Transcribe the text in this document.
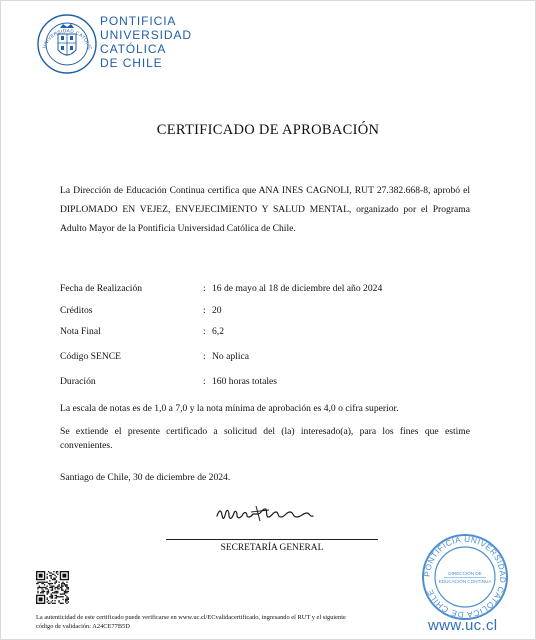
UNIVERSIDAD CATOLIC
PONTIFICIA
UNIVERSIDAD
CATÓLICA
DE CHILE
CERTIFICADO DE APROBACIÓN
La Dirección de Educación Continua certifica que ANA INES CAGNOLI, RUT 27.382.668-8, aprobó el DIPLOMADO EN VEJEZ, ENVEJECIMIENTO Y SALUD MENTAL, organizado por el Programa Adulto Mayor de la Pontificia Universidad Católica de Chile.
Fecha de Realización	: 16 de mayo al 18 de diciembre del año 2024
Créditos	: 20
Nota Final	: 6,2
Código SENCE	: No aplica
Duración	: 160 horas totales
La escala de notas es de 1,0 a 7,0 y la nota mínima de aprobación es 4,0 o cifra superior.
Se extiende el presente certificado a solicitud del (la) interesado(a), para los fines que estime convenientes.
Santiago de Chile, 30 de diciembre de 2024.
SECRETARÍA GENERAL
La autenticidad de este certificado puede verificarse en www.uc.cl/ECvalidacertificado, ingresando el RUT y el siguiente
código de validación: A24CE77B5D
PONTIFICIA UNIVERSIDAD CATOLICA DE CHILE
DIRECCIÓN DE
EDUCACIÓN CONTINUA
www.uc.cl
